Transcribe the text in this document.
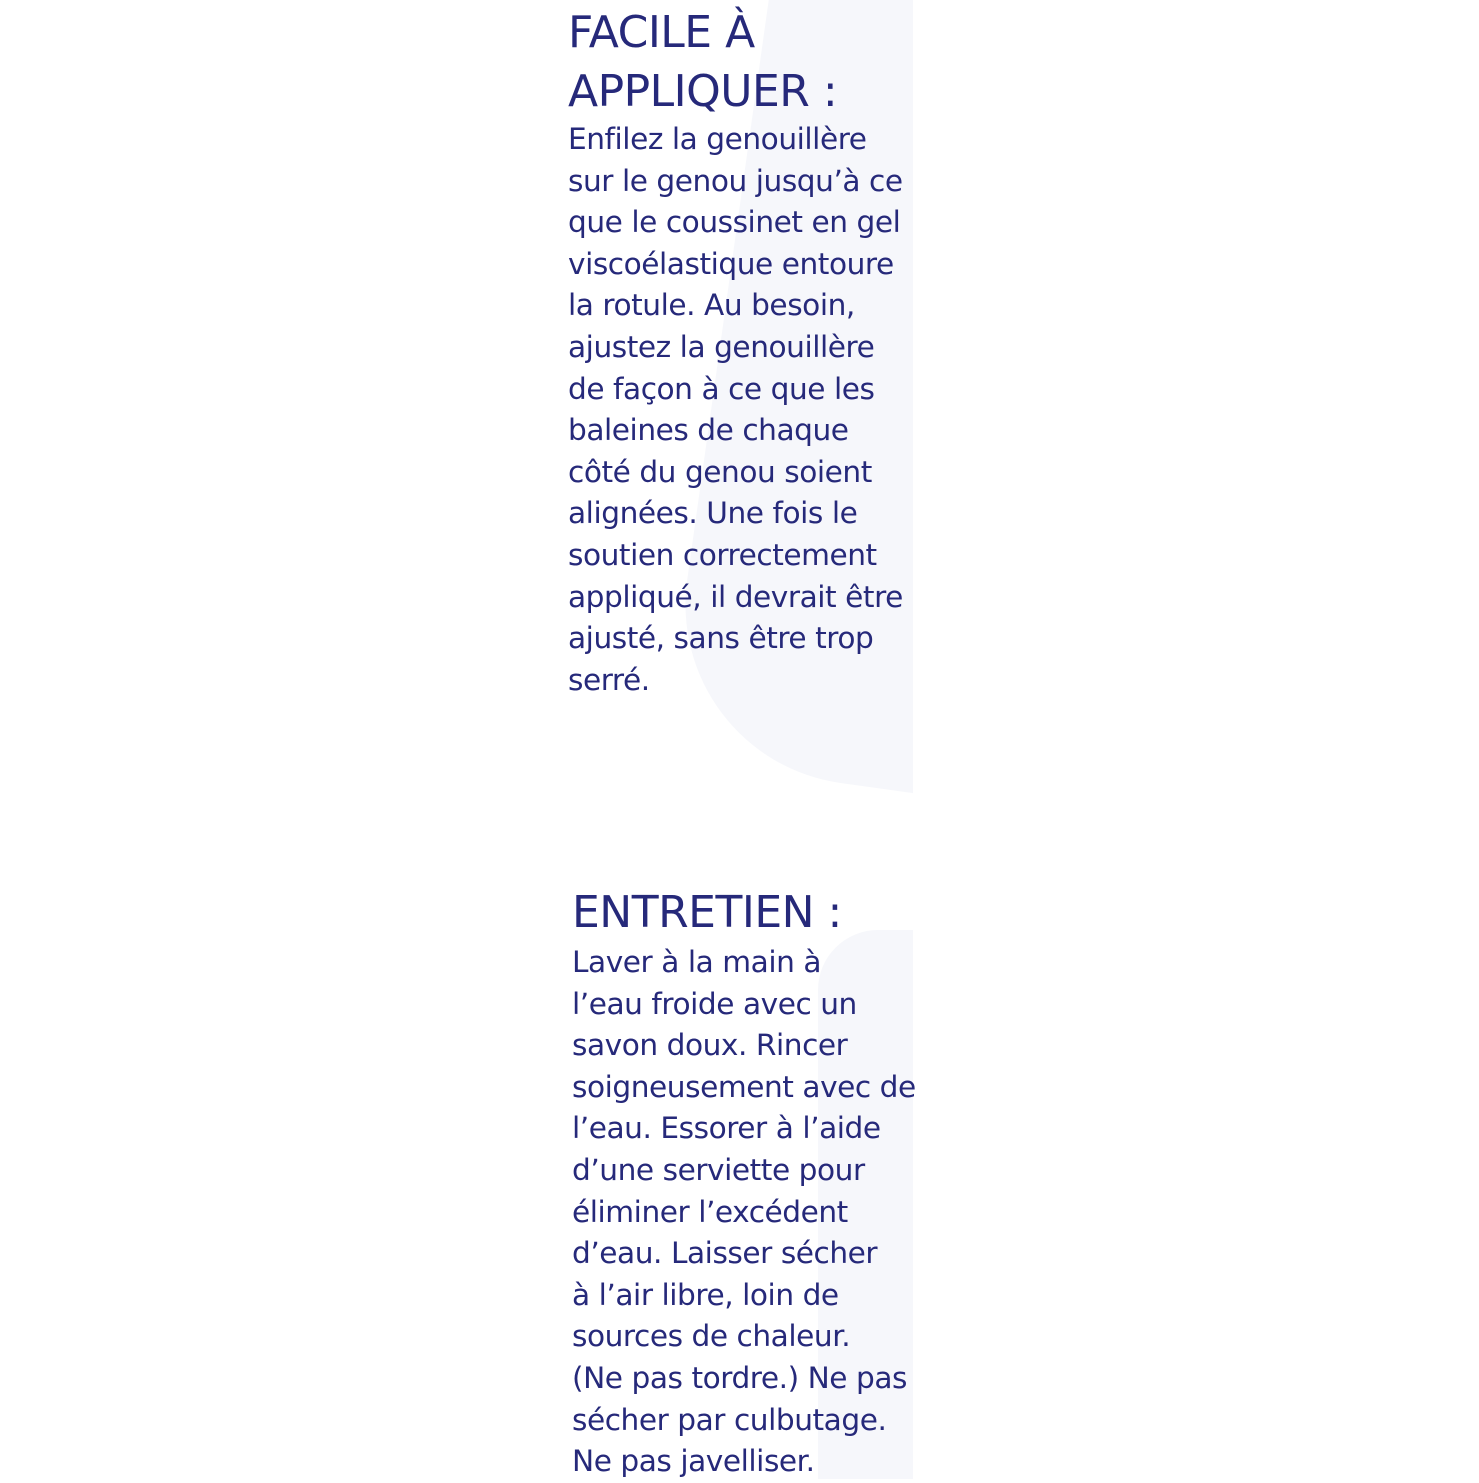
FACILE À
APPLIQUER :
Enfilez la genouillère
sur le genou jusqu’à ce
que le coussinet en gel
viscoélastique entoure
la rotule. Au besoin,
ajustez la genouillère
de façon à ce que les
baleines de chaque
côté du genou soient
alignées. Une fois le
soutien correctement
appliqué, il devrait être
ajusté, sans être trop
serré.
ENTRETIEN :
Laver à la main à
l’eau froide avec un
savon doux. Rincer
soigneusement avec de
l’eau. Essorer à l’aide
d’une serviette pour
éliminer l’excédent
d’eau. Laisser sécher
à l’air libre, loin de
sources de chaleur.
(Ne pas tordre.) Ne pas
sécher par culbutage.
Ne pas javelliser.
